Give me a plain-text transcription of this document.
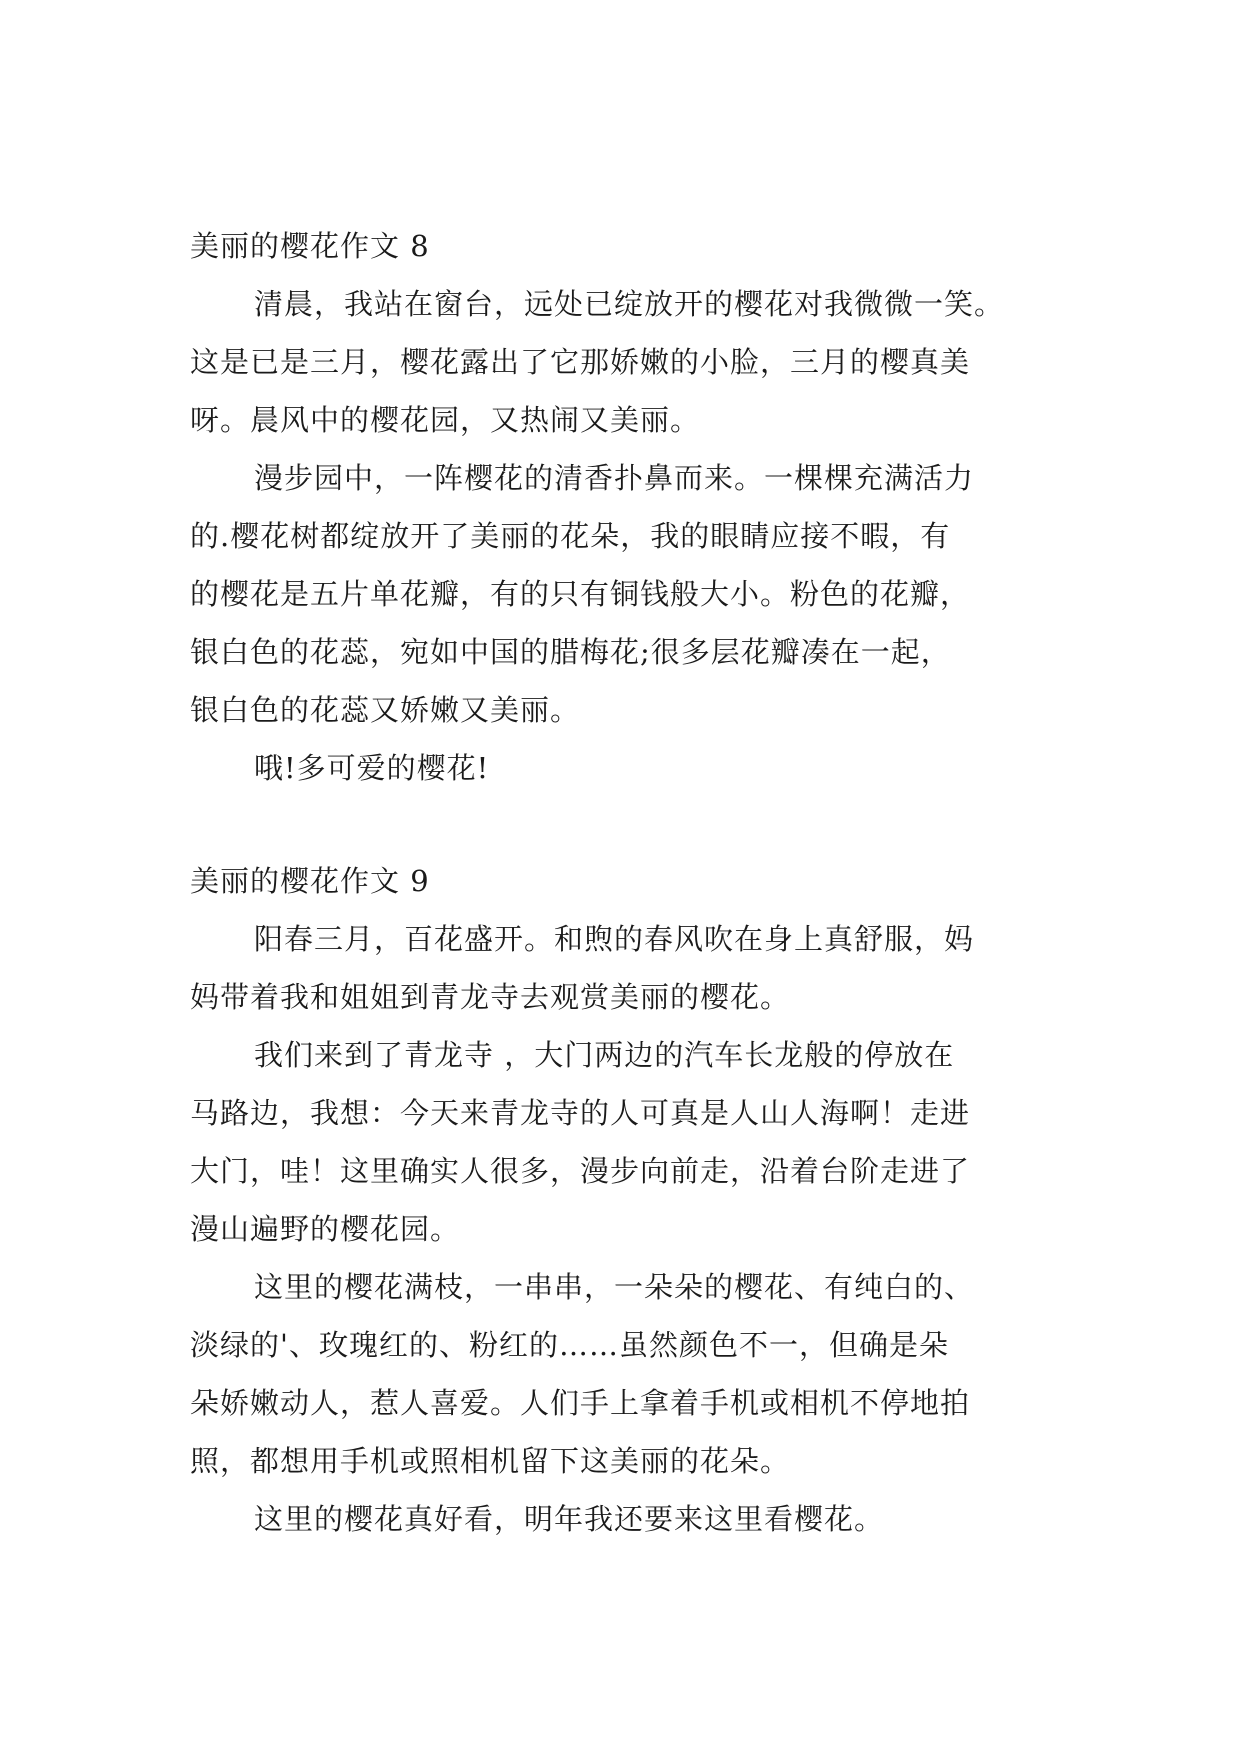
美丽的樱花作文 8
清晨，我站在窗台，远处已绽放开的樱花对我微微一笑。
这是已是三月，樱花露出了它那娇嫩的小脸，三月的樱真美
呀。晨风中的樱花园，又热闹又美丽。
漫步园中，一阵樱花的清香扑鼻而来。一棵棵充满活力
的.樱花树都绽放开了美丽的花朵，我的眼睛应接不暇，有
的樱花是五片单花瓣，有的只有铜钱般大小。粉色的花瓣，
银白色的花蕊，宛如中国的腊梅花;很多层花瓣凑在一起，
银白色的花蕊又娇嫩又美丽。
哦!多可爱的樱花!
美丽的樱花作文 9
阳春三月，百花盛开。和煦的春风吹在身上真舒服，妈
妈带着我和姐姐到青龙寺去观赏美丽的樱花。
我们来到了青龙寺 ，大门两边的汽车长龙般的停放在
马路边，我想：今天来青龙寺的人可真是人山人海啊！走进
大门，哇！这里确实人很多，漫步向前走，沿着台阶走进了
漫山遍野的樱花园。
这里的樱花满枝，一串串，一朵朵的樱花、有纯白的、
淡绿的'、玫瑰红的、粉红的……虽然颜色不一，但确是朵
朵娇嫩动人，惹人喜爱。人们手上拿着手机或相机不停地拍
照，都想用手机或照相机留下这美丽的花朵。
这里的樱花真好看，明年我还要来这里看樱花。
